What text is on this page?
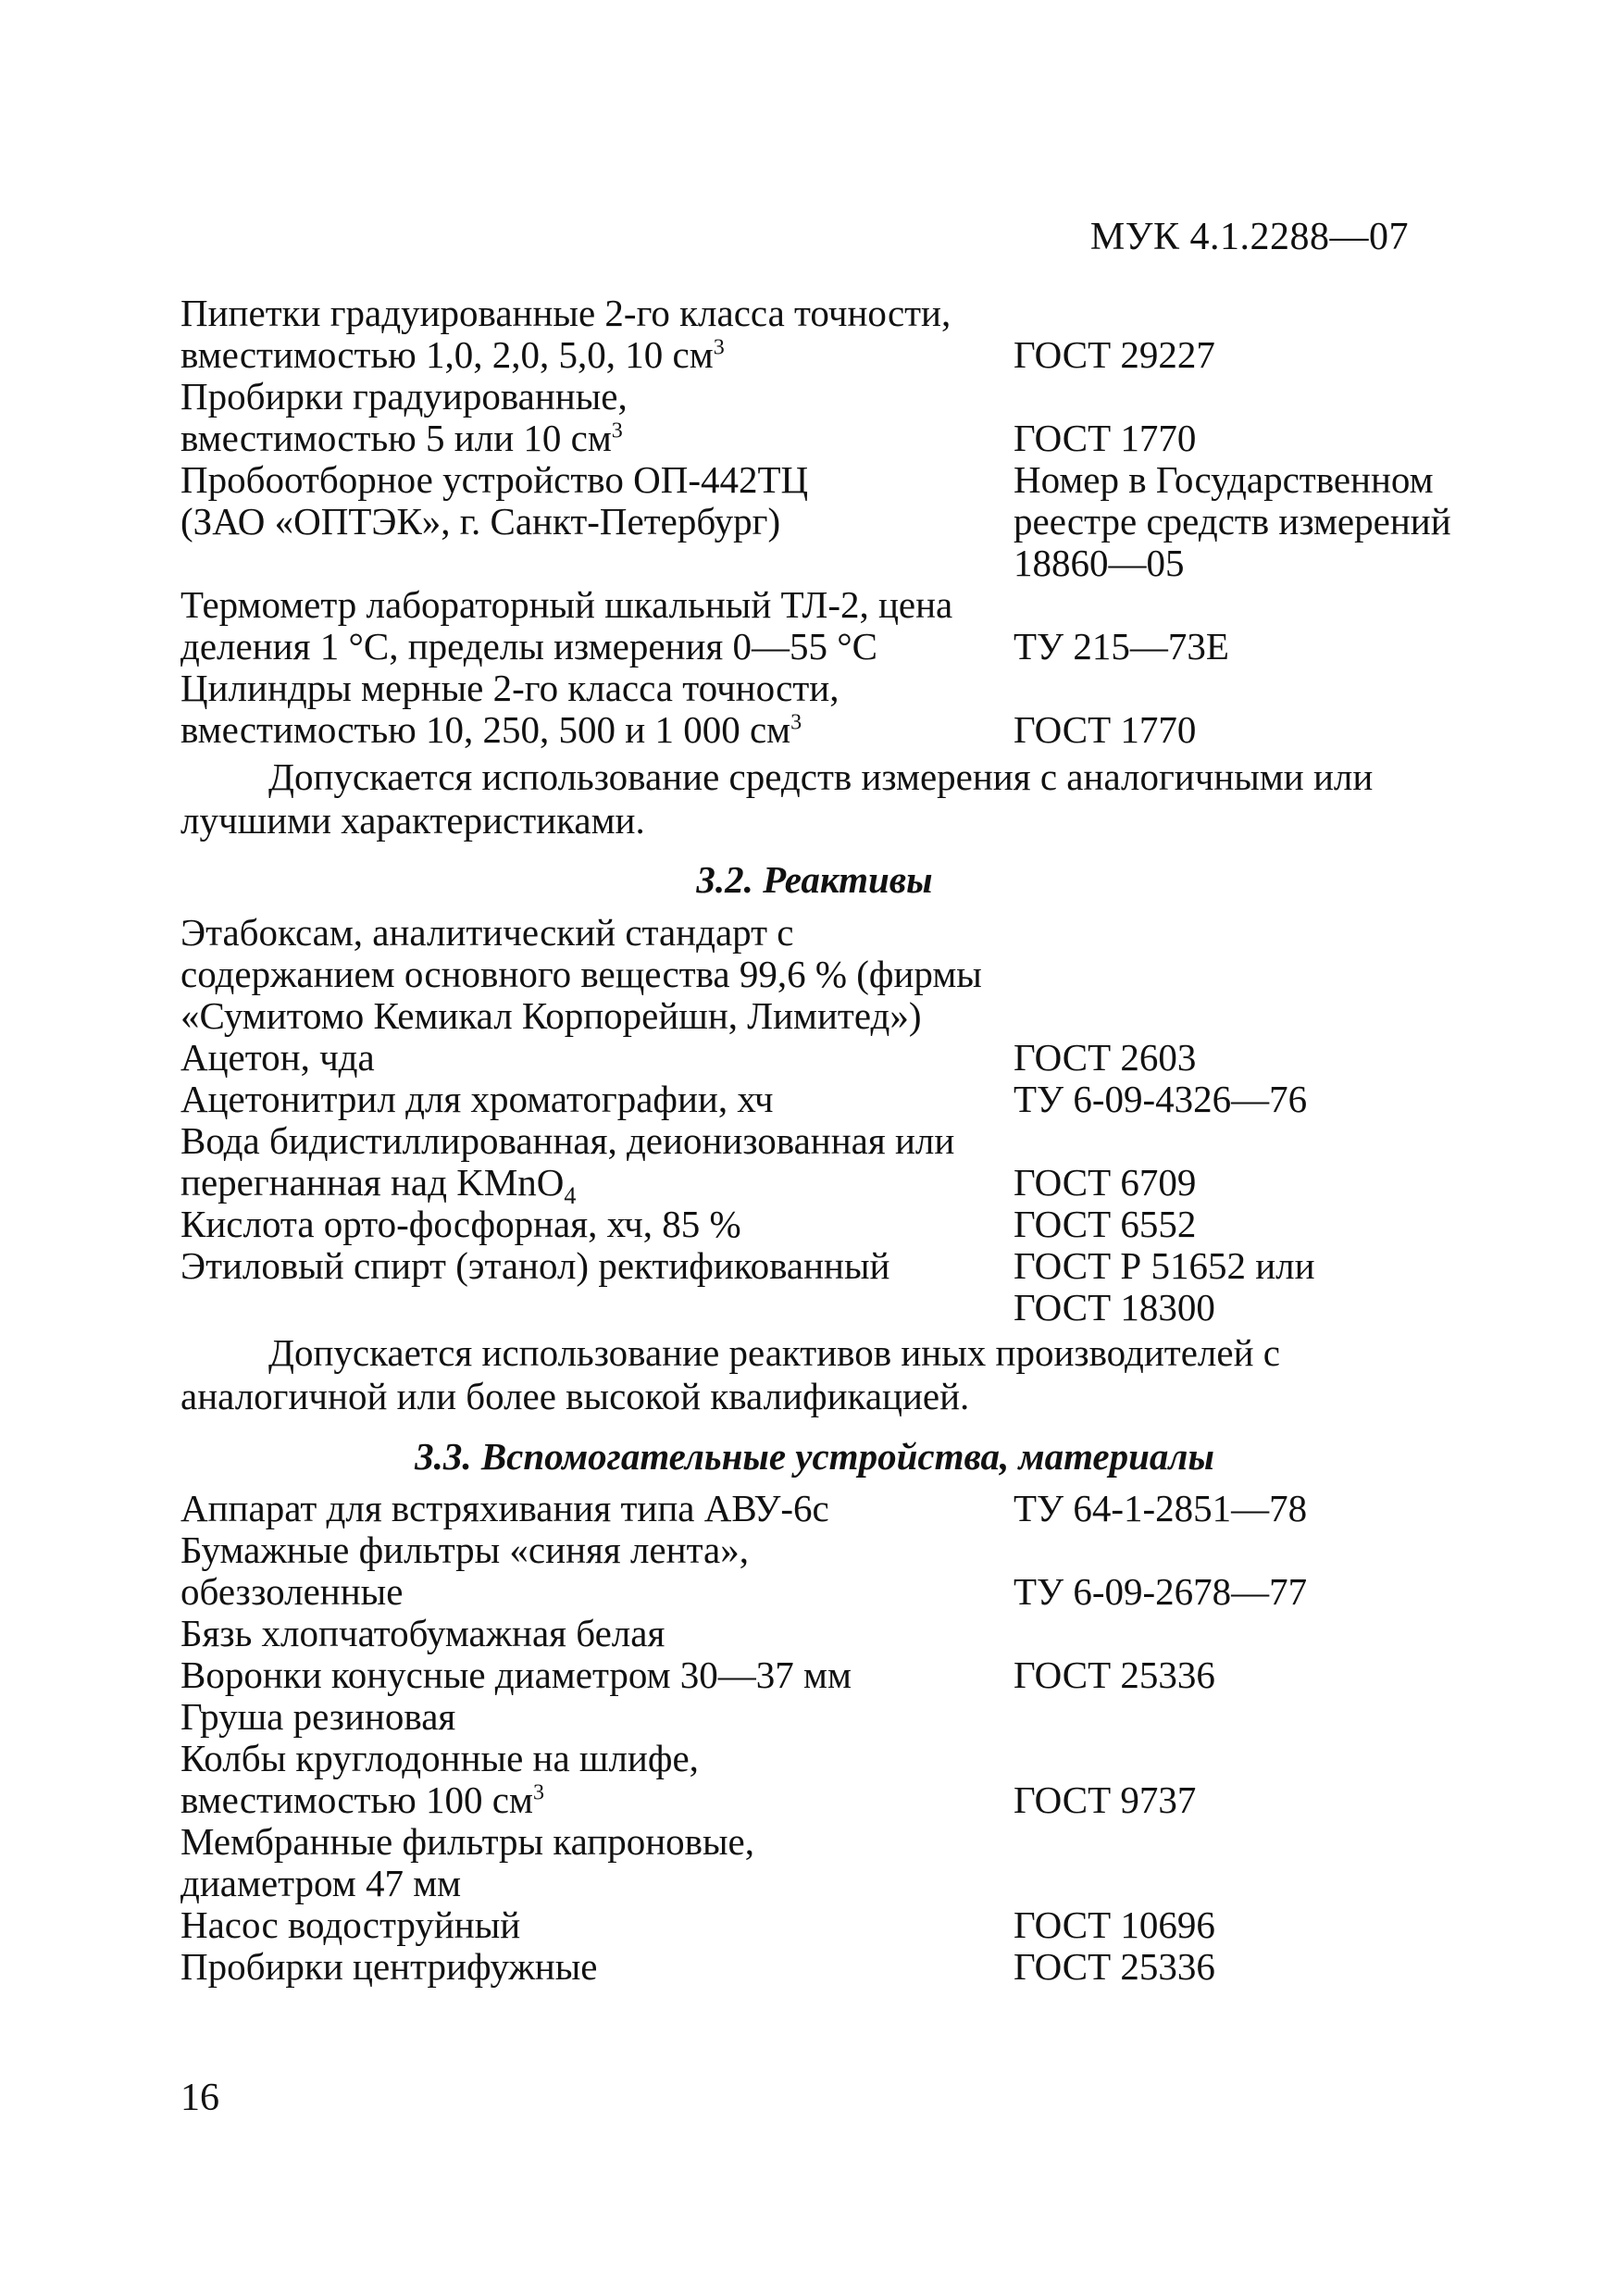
МУК 4.1.2288—07
Пипетки градуированные 2-го класса точности,
вместимостью 1,0, 2,0, 5,0, 10 $см^3$	ГОСТ 29227
Пробирки градуированные,
вместимостью 5 или 10 $см^3$	ГОСТ 1770
Пробоотборное устройство ОП-442ТЦ	Номер в Государственном
(ЗАО «ОПТЭК», г. Санкт-Петербург)	реестре средств измерений
18860—05
Термометр лабораторный шкальный ТЛ-2, цена
деления 1 °С, пределы измерения 0—55 °С	ТУ 215—73Е
Цилиндры мерные 2-го класса точности,
вместимостью 10, 250, 500 и 1 000 $см^3$	ГОСТ 1770
Допускается использование средств измерения с аналогичными или лучшими характеристиками.
3.2. Реактивы
Этабоксам, аналитический стандарт с
содержанием основного вещества 99,6 % (фирмы
«Сумитомо Кемикал Корпорейшн, Лимитед»)
Ацетон, чда	ГОСТ 2603
Ацетонитрил для хроматографии, хч	ТУ 6-09-4326—76
Вода бидистиллированная, деионизованная или
перегнанная над KMnO$_4$	ГОСТ 6709
Кислота орто-фосфорная, хч, 85 %	ГОСТ 6552
Этиловый спирт (этанол) ректификованный	ГОСТ Р 51652 или
ГОСТ 18300
Допускается использование реактивов иных производителей с аналогичной или более высокой квалификацией.
3.3. Вспомогательные устройства, материалы
Аппарат для встряхивания типа АВУ-6с	ТУ 64-1-2851—78
Бумажные фильтры «синяя лента»,
обеззоленные	ТУ 6-09-2678—77
Бязь хлопчатобумажная белая
Воронки конусные диаметром 30—37 мм	ГОСТ 25336
Груша резиновая
Колбы круглодонные на шлифе,
вместимостью 100 $см^3$	ГОСТ 9737
Мембранные фильтры капроновые,
диаметром 47 мм
Насос водоструйный	ГОСТ 10696
Пробирки центрифужные	ГОСТ 25336
16
